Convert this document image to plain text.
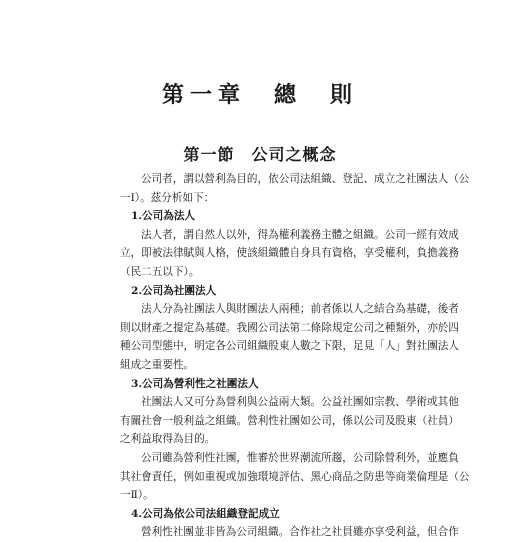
第一章　總　則
第一節　公司之概念
公司者，謂以營利為目的，依公司法組織、登記、成立之社團法人（公
一Ⅰ）。茲分析如下：
1.公司為法人
法人者，謂自然人以外，得為權利義務主體之組織。公司一經有效成
立，即被法律賦與人格，使該組織體自身具有資格，享受權利，負擔義務
（民二五以下）。
2.公司為社團法人
法人分為社團法人與財團法人兩種；前者係以人之結合為基礎，後者
則以財產之提定為基礎。我國公司法第二條除規定公司之種類外，亦於四
種公司型態中，明定各公司組織股東人數之下限，足見「人」對社團法人
組成之重要性。
3.公司為營利性之社團法人
社團法人又可分為營利與公益兩大類。公益社團如宗教、學術或其他
有關社會一般利益之組織。營利性社團如公司，係以公司及股東（社員）
之利益取得為目的。
公司雖為營利性社團，惟審於世界潮流所趨，公司除營利外，並應負
其社會責任，例如重視或加強環境評估、黑心商品之防患等商業倫理是（公
一Ⅱ）。
4.公司為依公司法組織登記成立
營利性社團並非皆為公司組織。合作社之社員雖亦享受利益，但合作
